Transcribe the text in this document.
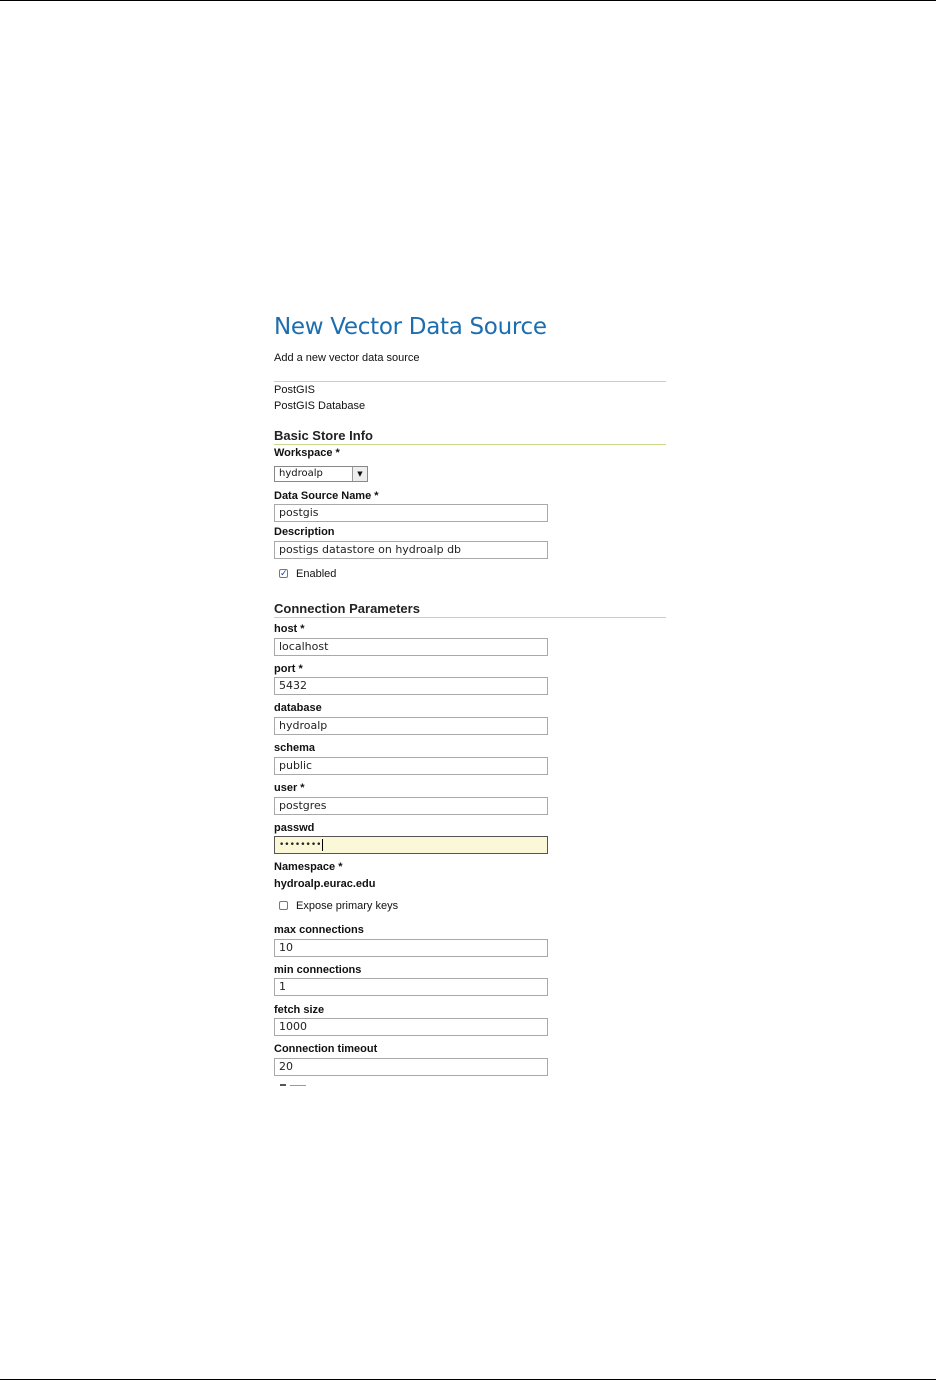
New Vector Data Source
Add a new vector data source
PostGIS
PostGIS Database
Basic Store Info
Workspace *
hydroalp	▼
Data Source Name *
postgis
Description
postigs datastore on hydroalp db
✓ Enabled
Connection Parameters
host *
localhost
port *
5432
database
hydroalp
schema
public
user *
postgres
passwd
••••••••
Namespace *
hydroalp.eurac.edu
Expose primary keys
max connections
10
min connections
1
fetch size
1000
Connection timeout
20
